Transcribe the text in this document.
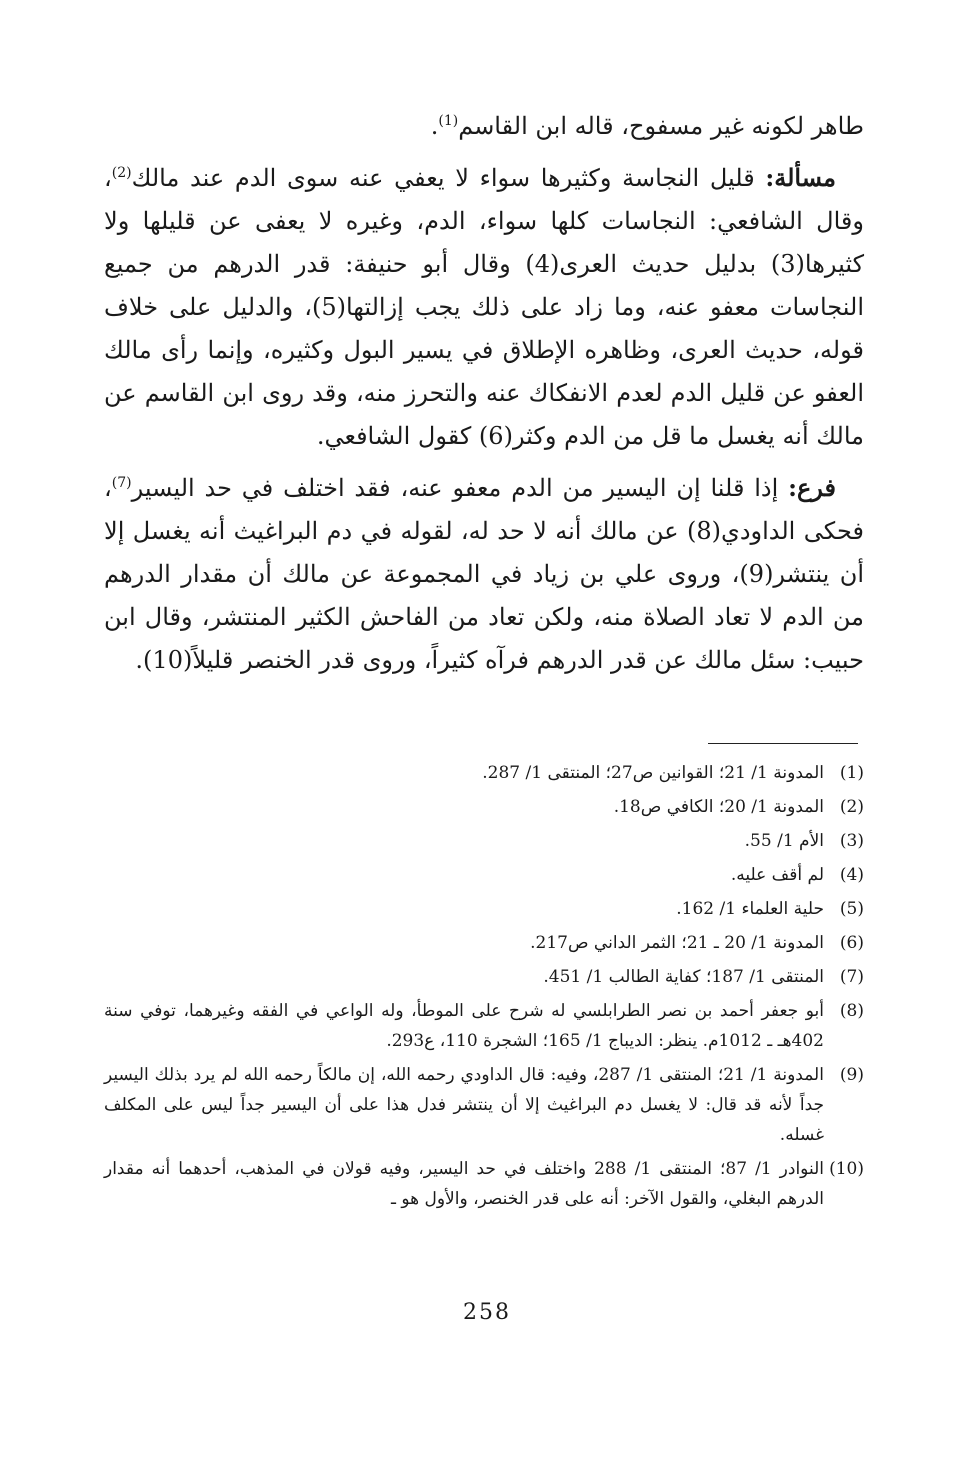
طاهر لكونه غير مسفوح، قاله ابن القاسم$^{(1)}$.

مسألة: قليل النجاسة وكثيرها سواء لا يعفي عنه سوى الدم عند مالك$^{(2)}$، وقال الشافعي: النجاسات كلها سواء، الدم، وغيره لا يعفى عن قليلها ولا كثيرها(3) بدليل حديث العرى(4) وقال أبو حنيفة: قدر الدرهم من جميع النجاسات معفو عنه، وما زاد على ذلك يجب إزالتها(5)، والدليل على خلاف قوله، حديث العرى، وظاهره الإطلاق في يسير البول وكثيره، وإنما رأى مالك العفو عن قليل الدم لعدم الانفكاك عنه والتحرز منه، وقد روى ابن القاسم عن مالك أنه يغسل ما قل من الدم وكثر(6) كقول الشافعي.

فرع: إذا قلنا إن اليسير من الدم معفو عنه، فقد اختلف في حد اليسير$^{(7)}$، فحكى الداودي(8) عن مالك أنه لا حد له، لقوله في دم البراغيث أنه يغسل إلا أن ينتشر(9)، وروى علي بن زياد في المجموعة عن مالك أن مقدار الدرهم من الدم لا تعاد الصلاة منه، ولكن تعاد من الفاحش الكثير المنتشر، وقال ابن حبيب: سئل مالك عن قدر الدرهم فرآه كثيراً، وروى قدر الخنصر قليلاً(10).

(1)
المدونة 1/ 21؛ القوانين ص27؛ المنتقى 1/ 287.
(2)
المدونة 1/ 20؛ الكافي ص18.
(3)
الأم 1/ 55.
(4)
لم أقف عليه.
(5)
حلية العلماء 1/ 162.
(6)
المدونة 1/ 20 ـ 21؛ الثمر الداني ص217.
(7)
المنتقى 1/ 187؛ كفاية الطالب 1/ 451.
(8)
أبو جعفر أحمد بن نصر الطرابلسي له شرح على الموطأ، وله الواعي في الفقه وغيرهما، توفي سنة 402هـ ـ 1012م. ينظر: الديباج 1/ 165؛ الشجرة 110، ع293.
(9)
المدونة 1/ 21؛ المنتقى 1/ 287، وفيه: قال الداودي رحمه الله، إن مالكاً رحمه الله لم يرد بذلك اليسير جداً لأنه قد قال: لا يغسل دم البراغيث إلا أن ينتشر فدل هذا على أن اليسير جداً ليس على المكلف غسله.
(10)
النوادر 1/ 87؛ المنتقى 1/ 288 واختلف في حد اليسير، وفيه قولان في المذهب، أحدهما أنه مقدار الدرهم البغلي، والقول الآخر: أنه على قدر الخنصر، والأول هو ـ
258
